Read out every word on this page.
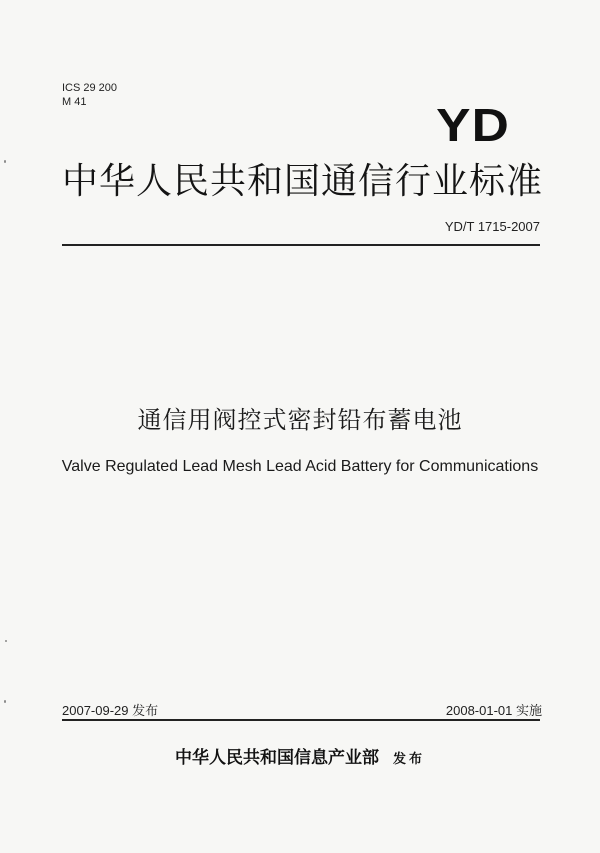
ICS 29 200
M 41	YD
中华人民共和国通信行业标准
YD/T 1715-2007
通信用阀控式密封铅布蓄电池
Valve Regulated Lead Mesh Lead Acid Battery for Communications
2007-09-29 发布	2008-01-01 实施
中华人民共和国信息产业部 发布
